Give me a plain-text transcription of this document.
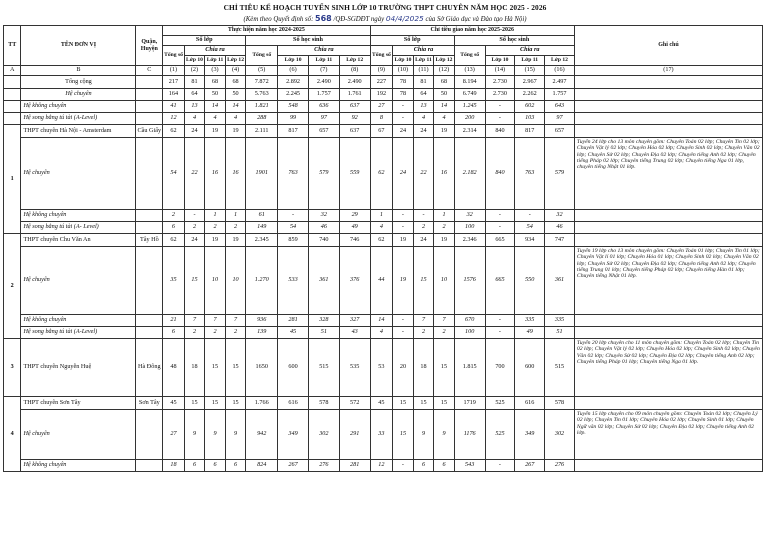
CHỈ TIÊU KẾ HOẠCH TUYỂN SINH LỚP 10 TRƯỜNG THPT CHUYÊN NĂM HỌC 2025 - 2026
(Kèm theo Quyết định số: 568 /QĐ-SGDĐT ngày 04/4/2025 của Sở Giáo dục và Đào tạo Hà Nội)
TT	TÊN ĐƠN VỊ	Quận, Huyện	Thực hiện năm học 2024-2025								Chỉ tiêu giao năm học 2025-2026								Ghi chú
			Số lớp				Số học sinh				Số lớp				Số học sinh				
			Tổng số	Chia ra			Tổng số	Chia ra			Tổng số	Chia ra			Tổng số	Chia ra			
				Lớp 10	Lớp 11	Lớp 12		Lớp 10	Lớp 11	Lớp 12		Lớp 10	Lớp 11	Lớp 12		Lớp 10	Lớp 11	Lớp 12	
A	B	C	(1)	(2)	(3)	(4)	(5)	(6)	(7)	(8)	(9)	(10)	(11)	(12)	(13)	(14)	(15)	(16)	(17)
	Tổng cộng		217	81	68	68	7.872	2.892	2.490	2.490	227	78	81	68	8.194	2.730	2.967	2.497	
	Hệ chuyên		164	64	50	50	5.763	2.245	1.757	1.761	192	78	64	50	6.749	2.730	2.262	1.757	
	Hệ không chuyên		41	13	14	14	1.821	548	636	637	27	-	13	14	1.245	-	602	643	
	Hệ song bằng tú tài (A-Level)		12	4	4	4	288	99	97	92	8	-	4	4	200	-	103	97	
1	THPT chuyên Hà Nội - Amsterdam	Cầu Giấy	62	24	19	19	2.111	817	657	637	67	24	24	19	2.314	840	817	657	
	Hệ chuyên		54	22	16	16	1901	763	579	559	62	24	22	16	2.182	840	763	579	Tuyển 24 lớp cho 13 môn chuyên gồm: Chuyên Toán 02 lớp; Chuyên Tin 02 lớp; Chuyên Vật lý 02 lớp; Chuyên Hóa 02 lớp; Chuyên Sinh 02 lớp; Chuyên Văn 02 lớp; Chuyên Sử 02 lớp; Chuyên Địa 02 lớp; Chuyên tiếng Anh 02 lớp; Chuyên tiếng Pháp 02 lớp; Chuyên tiếng Trung 02 lớp; Chuyên tiếng Nga 01 lớp, chuyên tiếng Nhật 01 lớp.
	Hệ không chuyên		2	-	1	1	61	-	32	29	1	-	-	1	32	-	-	32	
	Hệ song bằng tú tài (A- Level)		6	2	2	2	149	54	46	49	4	-	2	2	100	-	54	46	
2	THPT chuyên Chu Văn An	Tây Hồ	62	24	19	19	2.345	859	740	746	62	19	24	19	2.346	665	934	747	
	Hệ chuyên		35	15	10	10	1.270	533	361	376	44	19	15	10	1576	665	550	361	Tuyển 19 lớp cho 13 môn chuyên gồm: Chuyên Toán 01 lớp; Chuyên Tin 01 lớp; Chuyên Vật lí 01 lớp; Chuyên Hóa 01 lớp; Chuyên Sinh 02 lớp; Chuyên Văn 02 lớp; Chuyên Sử 02 lớp; Chuyên Địa 02 lớp; Chuyên tiếng Anh 02 lớp; Chuyên tiếng Trung 01 lớp; Chuyên tiếng Pháp 02 lớp; Chuyên tiếng Hàn 01 lớp; Chuyên tiếng Nhật 01 lớp.
	Hệ không chuyên		21	7	7	7	936	281	328	327	14	-	7	7	670	-	335	335	
	Hệ song bằng tú tài (A-Level)		6	2	2	2	139	45	51	43	4	-	2	2	100	-	49	51	
3	THPT chuyên Nguyễn Huệ	Hà Đông	48	18	15	15	1650	600	515	535	53	20	18	15	1.815	700	600	515	Tuyển 20 lớp chuyên cho 11 môn chuyên gồm: Chuyên Toán 02 lớp; Chuyên Tin 02 lớp; Chuyên Vật lý 02 lớp; Chuyên Hóa 02 lớp; Chuyên Sinh 02 lớp; Chuyên Văn 02 lớp; Chuyên Sử 02 lớp; Chuyên Địa 02 lớp; Chuyên tiếng Anh 02 lớp; Chuyên tiếng Pháp 01 lớp; Chuyên tiếng Nga 01 lớp.
4	THPT chuyên Sơn Tây	Sơn Tây	45	15	15	15	1.766	616	578	572	45	15	15	15	1719	525	616	578	
	Hệ chuyên		27	9	9	9	942	349	302	291	33	15	9	9	1176	525	349	302	Tuyển 15 lớp chuyên cho 09 môn chuyên gồm: Chuyên Toán 02 lớp; Chuyên Lý 02 lớp; Chuyên Tin 01 lớp; Chuyên Hóa 02 lớp; Chuyên Sinh 01 lớp; Chuyên Ngữ văn 02 lớp; Chuyên Sử 02 lớp; Chuyên Địa 02 lớp; Chuyên tiếng Anh 02 lớp.
	Hệ không chuyên		18	6	6	6	824	267	276	281	12	-	6	6	543	-	267	276	
